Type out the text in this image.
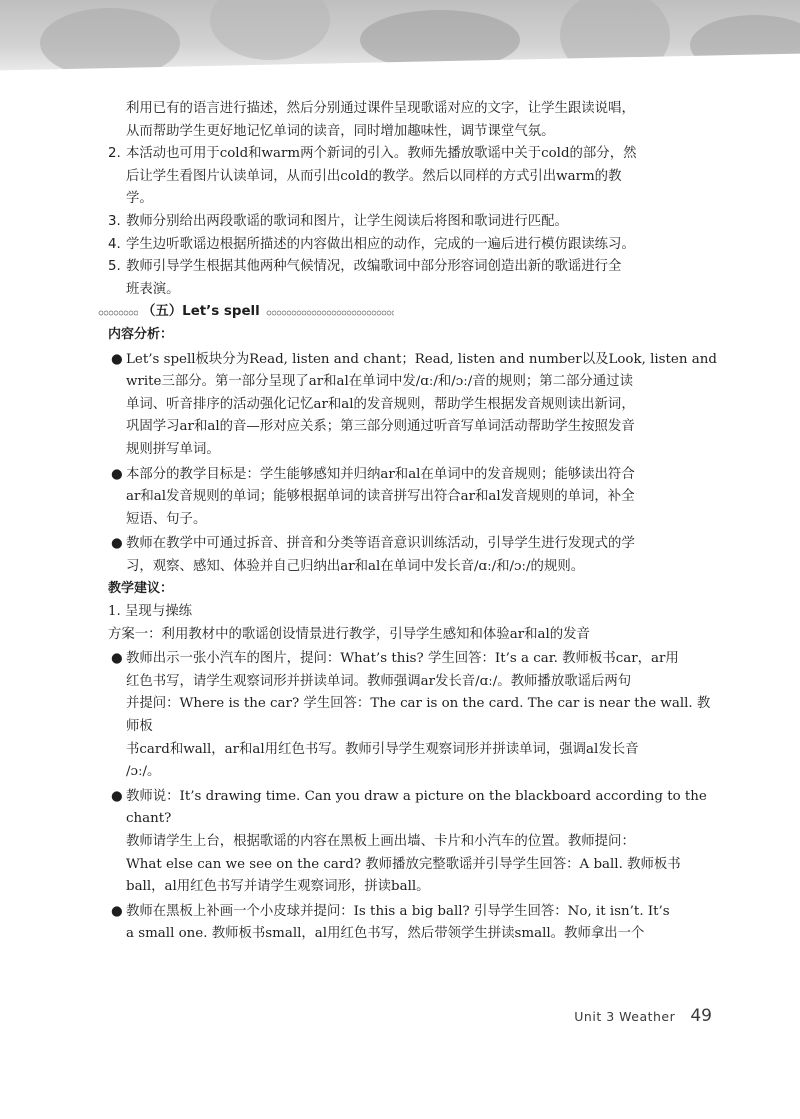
利用已有的语言进行描述，然后分别通过课件呈现歌谣对应的文字，让学生跟读说唱，

从而帮助学生更好地记忆单词的读音，同时增加趣味性，调节课堂气氛。

2. 本活动也可用于cold和warm两个新词的引入。教师先播放歌谣中关于cold的部分，然

后让学生看图片认读单词，从而引出cold的教学。然后以同样的方式引出warm的教

学。

3. 教师分别给出两段歌谣的歌词和图片，让学生阅读后将图和歌词进行匹配。

4. 学生边听歌谣边根据所描述的内容做出相应的动作，完成的一遍后进行模仿跟读练习。

5. 教师引导学生根据其他两种气候情况，改编歌词中部分形容词创造出新的歌谣进行全

班表演。

（五）Let’s spell

内容分析：

● Let’s spell板块分为Read, listen and chant；Read, listen and number以及Look, listen and

write三部分。第一部分呈现了ar和al在单词中发/ɑː/和/ɔː/音的规则；第二部分通过读

单词、听音排序的活动强化记忆ar和al的发音规则，帮助学生根据发音规则读出新词，

巩固学习ar和al的音—形对应关系；第三部分则通过听音写单词活动帮助学生按照发音

规则拼写单词。

● 本部分的教学目标是：学生能够感知并归纳ar和al在单词中的发音规则；能够读出符合

ar和al发音规则的单词；能够根据单词的读音拼写出符合ar和al发音规则的单词，补全

短语、句子。

● 教师在教学中可通过拆音、拼音和分类等语音意识训练活动，引导学生进行发现式的学

习，观察、感知、体验并自己归纳出ar和al在单词中发长音/ɑː/和/ɔː/的规则。

教学建议：

1. 呈现与操练

方案一：利用教材中的歌谣创设情景进行教学，引导学生感知和体验ar和al的发音

● 教师出示一张小汽车的图片，提问：What’s this? 学生回答：It’s a car. 教师板书car，ar用

红色书写，请学生观察词形并拼读单词。教师强调ar发长音/ɑː/。教师播放歌谣后两句

并提问：Where is the car? 学生回答：The car is on the card. The car is near the wall. 教师板

书card和wall，ar和al用红色书写。教师引导学生观察词形并拼读单词，强调al发长音

/ɔː/。

● 教师说：It’s drawing time. Can you draw a picture on the blackboard according to the chant?

教师请学生上台，根据歌谣的内容在黑板上画出墙、卡片和小汽车的位置。教师提问：

What else can we see on the card? 教师播放完整歌谣并引导学生回答：A ball. 教师板书

ball，al用红色书写并请学生观察词形，拼读ball。

● 教师在黑板上补画一个小皮球并提问：Is this a big ball? 引导学生回答：No, it isn’t. It’s

a small one. 教师板书small，al用红色书写，然后带领学生拼读small。教师拿出一个

Unit 3 Weather 49
